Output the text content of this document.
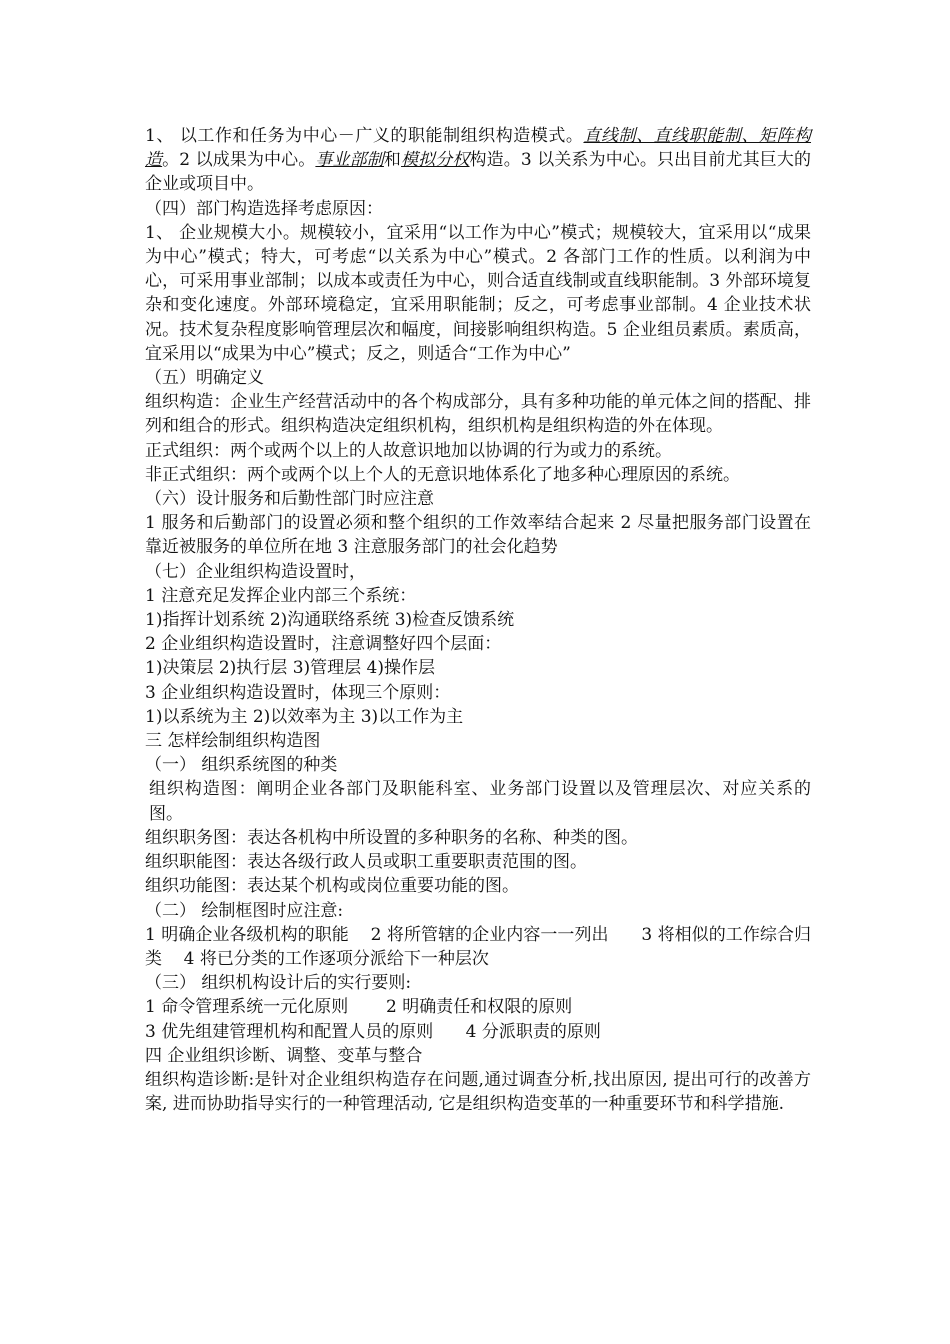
1、 以工作和任务为中心－广义的职能制组织构造模式。直线制、直线职能制、矩阵构造。2 以成果为中心。事业部制和模拟分权构造。3 以关系为中心。只出目前尤其巨大的企业或项目中。

（四）部门构造选择考虑原因：

1、 企业规模大小。规模较小，宜采用“以工作为中心”模式；规模较大，宜采用以“成果为中心”模式；特大，可考虑“以关系为中心”模式。2 各部门工作的性质。以利润为中心，可采用事业部制；以成本或责任为中心，则合适直线制或直线职能制。3 外部环境复杂和变化速度。外部环境稳定，宜采用职能制；反之，可考虑事业部制。4 企业技术状况。技术复杂程度影响管理层次和幅度，间接影响组织构造。5 企业组员素质。素质高，宜采用以“成果为中心”模式；反之，则适合“工作为中心”

（五）明确定义

组织构造：企业生产经营活动中的各个构成部分，具有多种功能的单元体之间的搭配、排列和组合的形式。组织构造决定组织机构，组织机构是组织构造的外在体现。

正式组织：两个或两个以上的人故意识地加以协调的行为或力的系统。

非正式组织：两个或两个以上个人的无意识地体系化了地多种心理原因的系统。

（六）设计服务和后勤性部门时应注意

1 服务和后勤部门的设置必须和整个组织的工作效率结合起来 2 尽量把服务部门设置在靠近被服务的单位所在地 3 注意服务部门的社会化趋势

（七）企业组织构造设置时，

1 注意充足发挥企业内部三个系统：

1)指挥计划系统 2)沟通联络系统 3)检查反馈系统

2 企业组织构造设置时，注意调整好四个层面：

1)决策层 2)执行层 3)管理层 4)操作层

3 企业组织构造设置时，体现三个原则：

1)以系统为主 2)以效率为主 3)以工作为主

三 怎样绘制组织构造图

（一） 组织系统图的种类

组织构造图：阐明企业各部门及职能科室、业务部门设置以及管理层次、对应关系的图。

组织职务图：表达各机构中所设置的多种职务的名称、种类的图。

组织职能图：表达各级行政人员或职工重要职责范围的图。

组织功能图：表达某个机构或岗位重要功能的图。

（二） 绘制框图时应注意:

1 明确企业各级机构的职能    2 将所管辖的企业内容一一列出      3 将相似的工作综合归类    4 将已分类的工作逐项分派给下一种层次

（三） 组织机构设计后的实行要则:

1 命令管理系统一元化原则       2 明确责任和权限的原则

3 优先组建管理机构和配置人员的原则      4 分派职责的原则

四 企业组织诊断、调整、变革与整合

组织构造诊断:是针对企业组织构造存在问题,通过调查分析,找出原因, 提出可行的改善方案, 进而协助指导实行的一种管理活动, 它是组织构造变革的一种重要环节和科学措施.
